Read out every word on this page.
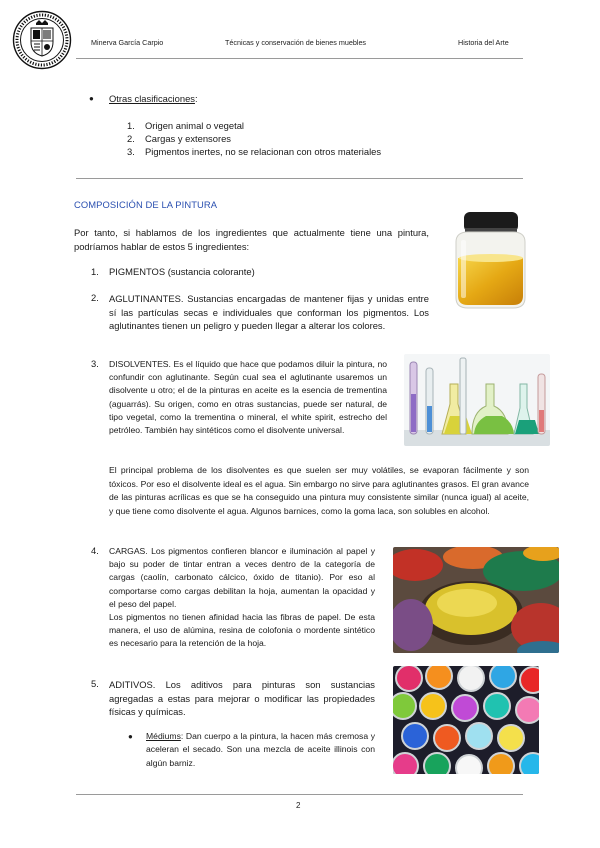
Minerva García Carpio	Técnicas y conservación de bienes muebles	Historia del Arte
● Otras clasificaciones:
1. Origen animal o vegetal
2. Cargas y extensores
3. Pigmentos inertes, no se relacionan con otros materiales
COMPOSICIÓN DE LA PINTURA
Por tanto, si hablamos de los ingredientes que actualmente tiene una pintura, podríamos hablar de estos 5 ingredientes:
1. PIGMENTOS (sustancia colorante)
2. AGLUTINANTES. Sustancias encargadas de mantener fijas y unidas entre sí las partículas secas e individuales que conforman los pigmentos. Los aglutinantes tienen un peligro y pueden llegar a alterar los colores.
3. DISOLVENTES. Es el líquido que hace que podamos diluir la pintura, no confundir con aglutinante. Según cual sea el aglutinante usaremos un disolvente u otro; el de la pinturas en aceite es la esencia de trementina (aguarrás). Su origen, como en otras sustancias, puede ser natural, de tipo vegetal, como la trementina o mineral, el white spirit, estrecho del petróleo. También hay sintéticos como el disolvente universal.
El principal problema de los disolventes es que suelen ser muy volátiles, se evaporan fácilmente y son tóxicos. Por eso el disolvente ideal es el agua. Sin embargo no sirve para aglutinantes grasos. El gran avance de las pinturas acrílicas es que se ha conseguido una pintura muy consistente similar (nunca igual) al aceite, y que tiene como disolvente el agua. Algunos barnices, como la goma laca, son solubles en alcohol.
4. CARGAS. Los pigmentos confieren blancor e iluminación al papel y bajo su poder de tintar entran a veces dentro de la categoría de cargas (caolín, carbonato cálcico, óxido de titanio). Por eso al comportarse como cargas debilitan la hoja, aumentan la opacidad y el peso del papel.
Los pigmentos no tienen afinidad hacia las fibras de papel. De esta manera, el uso de alúmina, resina de colofonia o mordente sintético es necesario para la retención de la hoja.
5. ADITIVOS. Los aditivos para pinturas son sustancias agregadas a estas para mejorar o modificar las propiedades físicas y químicas.
● Médiums: Dan cuerpo a la pintura, la hacen más cremosa y aceleran el secado. Son una mezcla de aceite illinois con algún barniz.
2
